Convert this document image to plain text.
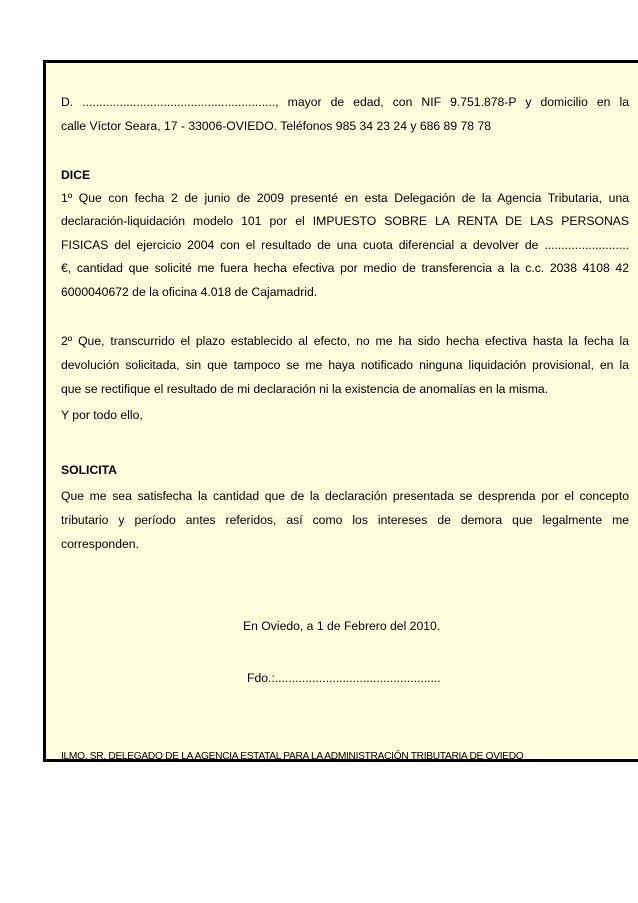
D. ........................................................., mayor de edad, con NIF 9.751.878-P y domicilio en la
calle Víctor Seara, 17 - 33006-OVIEDO. Teléfonos 985 34 23 24 y 686 89 78 78
DICE
1º Que con fecha 2 de junio de 2009 presenté en esta Delegación de la Agencia Tributaria, una
declaración-liquidación modelo 101 por el IMPUESTO SOBRE LA RENTA DE LAS PERSONAS
FISICAS del ejercicio 2004 con el resultado de una cuota diferencial a devolver de .........................
€, cantidad que solicité me fuera hecha efectiva por medio de transferencia a la c.c. 2038 4108 42
6000040672 de la oficina 4.018 de Cajamadrid.
2º Que, transcurrido el plazo establecido al efecto, no me ha sido hecha efectiva hasta la fecha la
devolución solicitada, sin que tampoco se me haya notificado ninguna liquidación provisional, en la
que se rectifique el resultado de mi declaración ni la existencia de anomalías en la misma.
Y por todo ello,
SOLICITA
Que me sea satisfecha la cantidad que de la declaración presentada se desprenda por el concepto
tributario y período antes referidos, así como los intereses de demora que legalmente me
corresponden.
En Oviedo, a 1 de Febrero del 2010.
Fdo.:.................................................
ILMO. SR. DELEGADO DE LA AGENCIA ESTATAL PARA LA ADMINISTRACIÓN TRIBUTARIA DE OVIEDO
